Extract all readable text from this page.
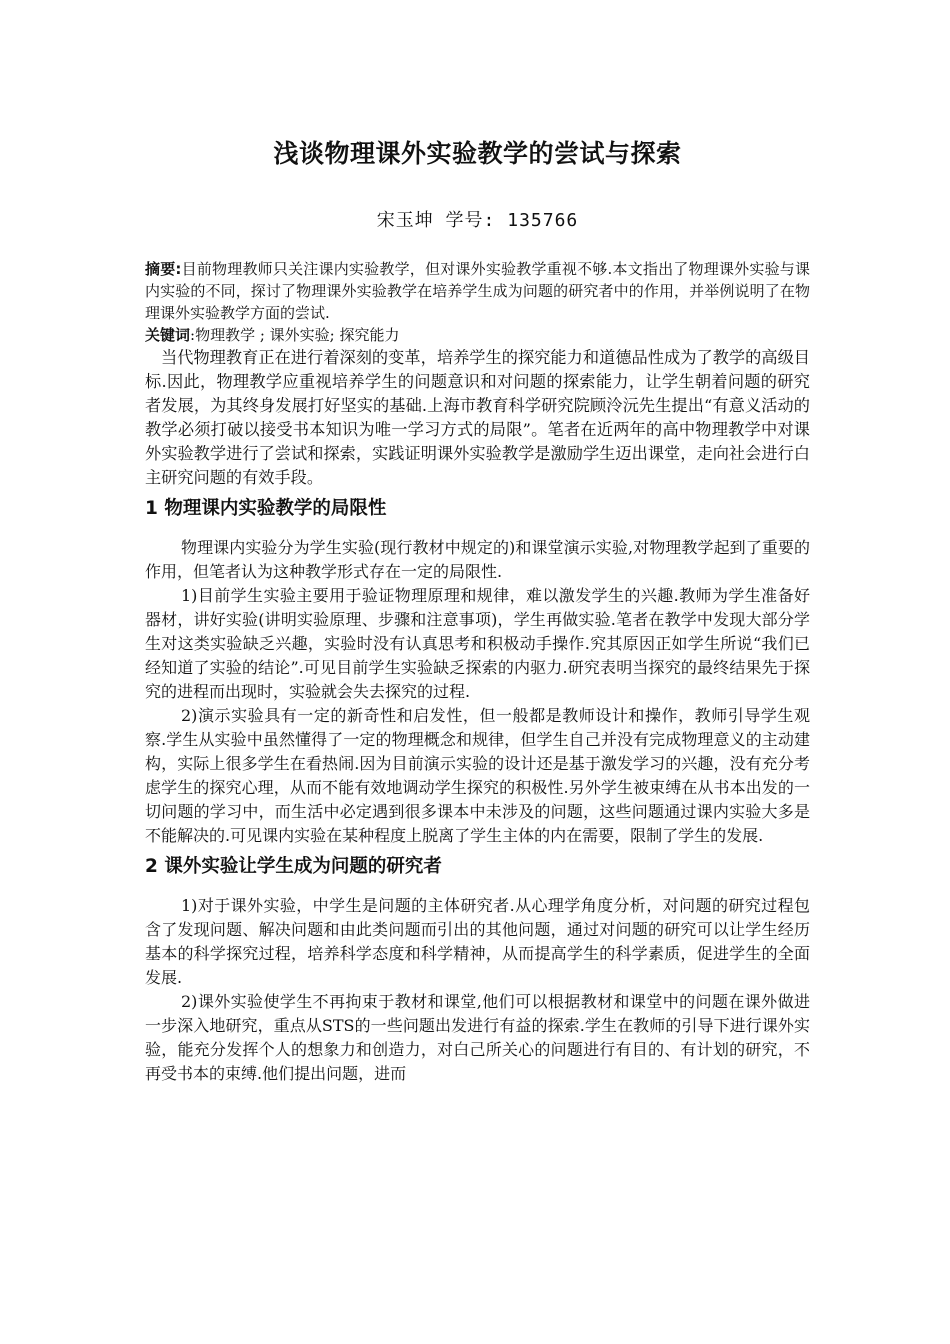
浅谈物理课外实验教学的尝试与探索
宋玉坤 学号: 135766

摘要:目前物理教师只关注课内实验教学，但对课外实验教学重视不够.本文指出了物理课外实验与课内实验的不同，探讨了物理课外实验教学在培养学生成为问题的研究者中的作用，并举例说明了在物理课外实验教学方面的尝试.

关键词:物理教学 ; 课外实验; 探究能力

当代物理教育正在进行着深刻的变革，培养学生的探究能力和道德品性成为了教学的高级目标.因此，物理教学应重视培养学生的问题意识和对问题的探索能力，让学生朝着问题的研究者发展，为其终身发展打好坚实的基础.上海市教育科学研究院顾泠沅先生提出“有意义活动的教学必须打破以接受书本知识为唯一学习方式的局限”。笔者在近两年的高中物理教学中对课外实验教学进行了尝试和探索，实践证明课外实验教学是激励学生迈出课堂，走向社会进行白主研究问题的有效手段。

1 物理课内实验教学的局限性

物理课内实验分为学生实验(现行教材中规定的)和课堂演示实验,对物理教学起到了重要的作用，但笔者认为这种教学形式存在一定的局限性.

1)目前学生实验主要用于验证物理原理和规律，难以激发学生的兴趣.教师为学生准备好器材，讲好实验(讲明实验原理、步骤和注意事项)，学生再做实验.笔者在教学中发现大部分学生对这类实验缺乏兴趣，实验时没有认真思考和积极动手操作.究其原因正如学生所说“我们已经知道了实验的结论”.可见目前学生实验缺乏探索的内驱力.研究表明当探究的最终结果先于探究的进程而出现时，实验就会失去探究的过程.

2)演示实验具有一定的新奇性和启发性，但一般都是教师设计和操作，教师引导学生观察.学生从实验中虽然懂得了一定的物理概念和规律，但学生自己并没有完成物理意义的主动建构，实际上很多学生在看热闹.因为目前演示实验的设计还是基于激发学习的兴趣，没有充分考虑学生的探究心理，从而不能有效地调动学生探究的积极性.另外学生被束缚在从书本出发的一切问题的学习中，而生活中必定遇到很多课本中未涉及的问题，这些问题通过课内实验大多是不能解决的.可见课内实验在某种程度上脱离了学生主体的内在需要，限制了学生的发展.

2 课外实验让学生成为问题的研究者

1)对于课外实验，中学生是问题的主体研究者.从心理学角度分析，对问题的研究过程包含了发现问题、解决问题和由此类问题而引出的其他问题，通过对问题的研究可以让学生经历基本的科学探究过程，培养科学态度和科学精神，从而提高学生的科学素质，促进学生的全面发展.

2)课外实验使学生不再拘束于教材和课堂,他们可以根据教材和课堂中的问题在课外做进一步深入地研究，重点从STS的一些问题出发进行有益的探索.学生在教师的引导下进行课外实验，能充分发挥个人的想象力和创造力，对白己所关心的问题进行有目的、有计划的研究，不再受书本的束缚.他们提出问题，进而
